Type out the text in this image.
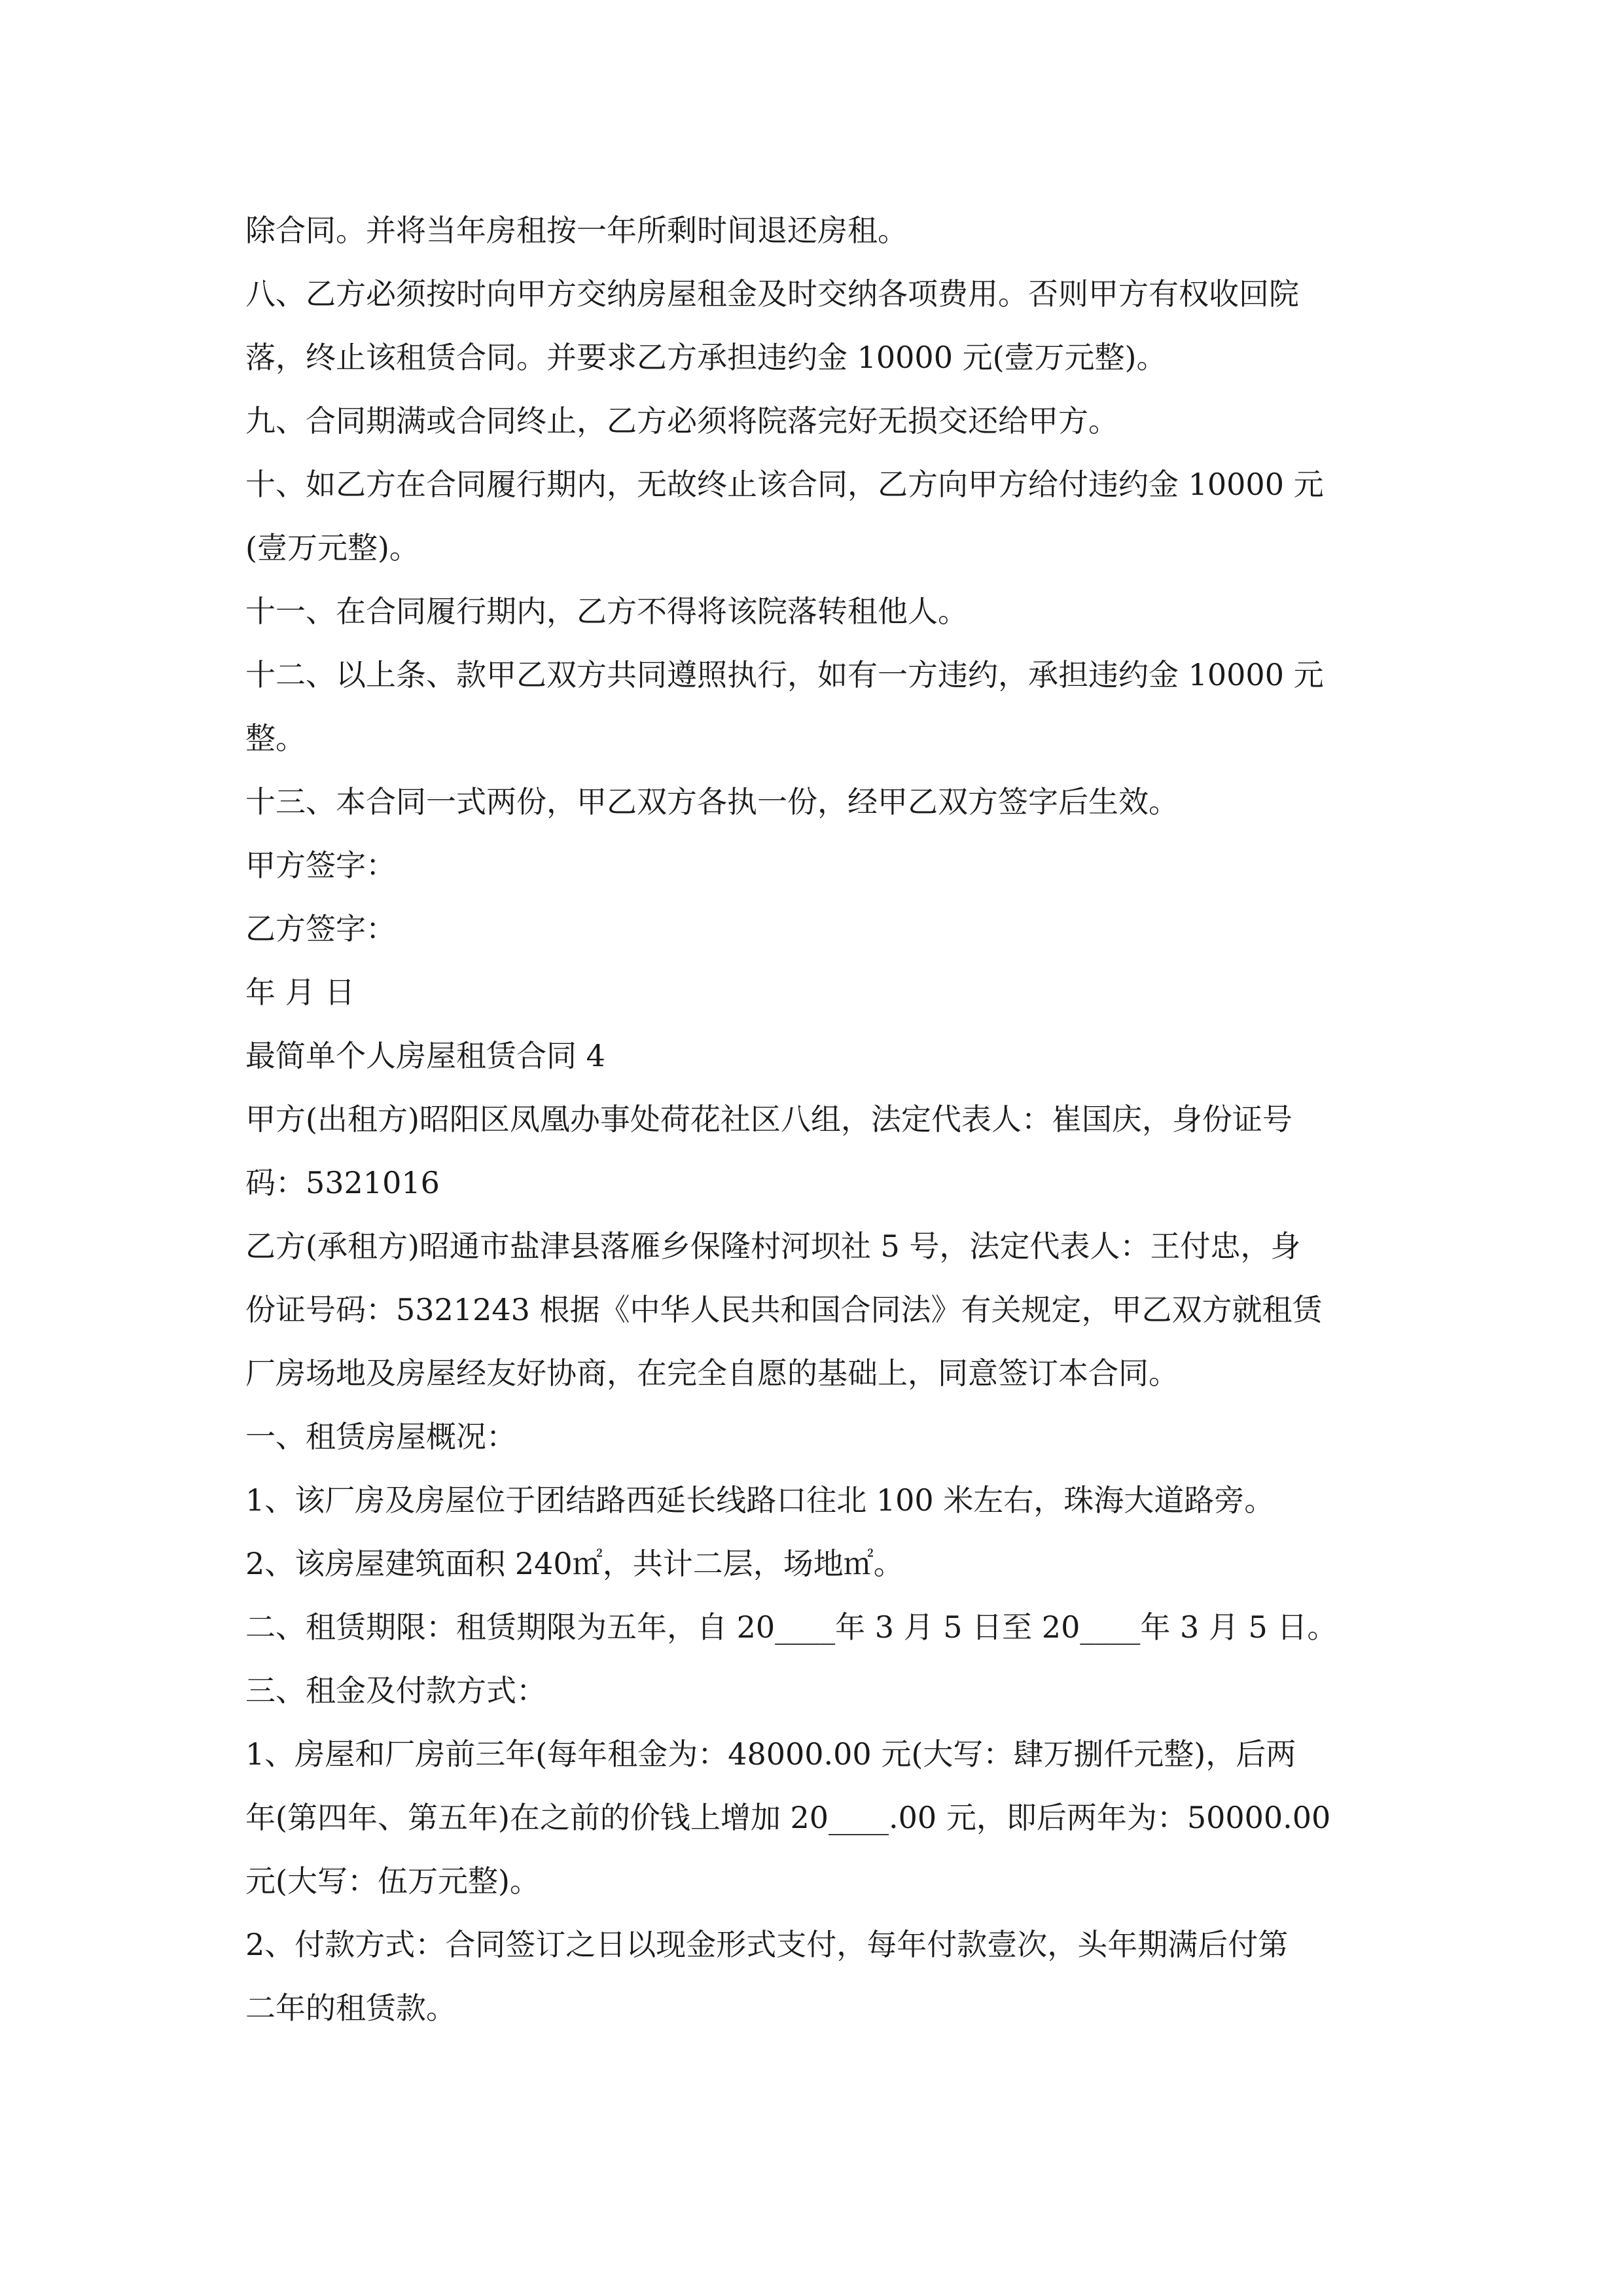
除合同。并将当年房租按一年所剩时间退还房租。
八、乙方必须按时向甲方交纳房屋租金及时交纳各项费用。否则甲方有权收回院
落，终止该租赁合同。并要求乙方承担违约金 10000 元(壹万元整)。
九、合同期满或合同终止，乙方必须将院落完好无损交还给甲方。
十、如乙方在合同履行期内，无故终止该合同，乙方向甲方给付违约金 10000 元
(壹万元整)。
十一、在合同履行期内，乙方不得将该院落转租他人。
十二、以上条、款甲乙双方共同遵照执行，如有一方违约，承担违约金 10000 元
整。
十三、本合同一式两份，甲乙双方各执一份，经甲乙双方签字后生效。
甲方签字：
乙方签字：
年 月 日
最简单个人房屋租赁合同 4
甲方(出租方)昭阳区凤凰办事处荷花社区八组，法定代表人：崔国庆，身份证号
码：5321016
乙方(承租方)昭通市盐津县落雁乡保隆村河坝社 5 号，法定代表人：王付忠，身
份证号码：5321243 根据《中华人民共和国合同法》有关规定，甲乙双方就租赁
厂房场地及房屋经友好协商，在完全自愿的基础上，同意签订本合同。
一、租赁房屋概况：
1、该厂房及房屋位于团结路西延长线路口往北 100 米左右，珠海大道路旁。
2、该房屋建筑面积 240㎡，共计二层，场地㎡。
二、租赁期限：租赁期限为五年，自 20____年 3 月 5 日至 20____年 3 月 5 日。
三、租金及付款方式：
1、房屋和厂房前三年(每年租金为：48000.00 元(大写：肆万捌仟元整)，后两
年(第四年、第五年)在之前的价钱上增加 20____.00 元，即后两年为：50000.00
元(大写：伍万元整)。
2、付款方式：合同签订之日以现金形式支付，每年付款壹次，头年期满后付第
二年的租赁款。
